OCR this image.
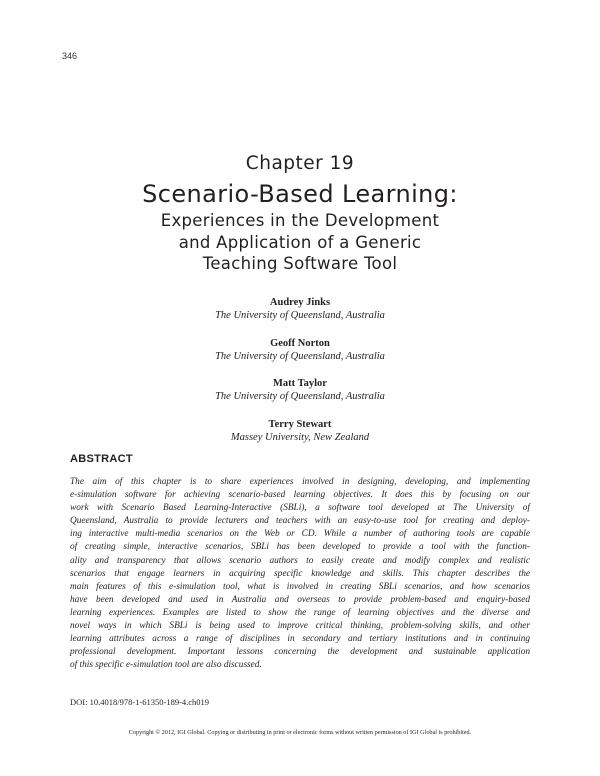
346
Chapter 19
Scenario-Based Learning:
Experiences in the Development
and Application of a Generic
Teaching Software Tool
Audrey Jinks
The University of Queensland, Australia
Geoff Norton
The University of Queensland, Australia
Matt Taylor
The University of Queensland, Australia
Terry Stewart
Massey University, New Zealand
ABSTRACT
The aim of this chapter is to share experiences involved in designing, developing, and implementing
e-simulation software for achieving scenario-based learning objectives. It does this by focusing on our
work with Scenario Based Learning-Interactive (SBLi), a software tool developed at The University of
Queensland, Australia to provide lecturers and teachers with an easy-to-use tool for creating and deploy-
ing interactive multi-media scenarios on the Web or CD. While a number of authoring tools are capable
of creating simple, interactive scenarios, SBLi has been developed to provide a tool with the function-
ality and transparency that allows scenario authors to easily create and modify complex and realistic
scenarios that engage learners in acquiring specific knowledge and skills. This chapter describes the
main features of this e-simulation tool, what is involved in creating SBLi scenarios, and how scenarios
have been developed and used in Australia and overseas to provide problem-based and enquiry-based
learning experiences. Examples are listed to show the range of learning objectives and the diverse and
novel ways in which SBLi is being used to improve critical thinking, problem-solving skills, and other
learning attributes across a range of disciplines in secondary and tertiary institutions and in continuing
professional development. Important lessons concerning the development and sustainable application
of this specific e-simulation tool are also discussed.
DOI: 10.4018/978-1-61350-189-4.ch019
Copyright © 2012, IGI Global. Copying or distributing in print or electronic forms without written permission of IGI Global is prohibited.
